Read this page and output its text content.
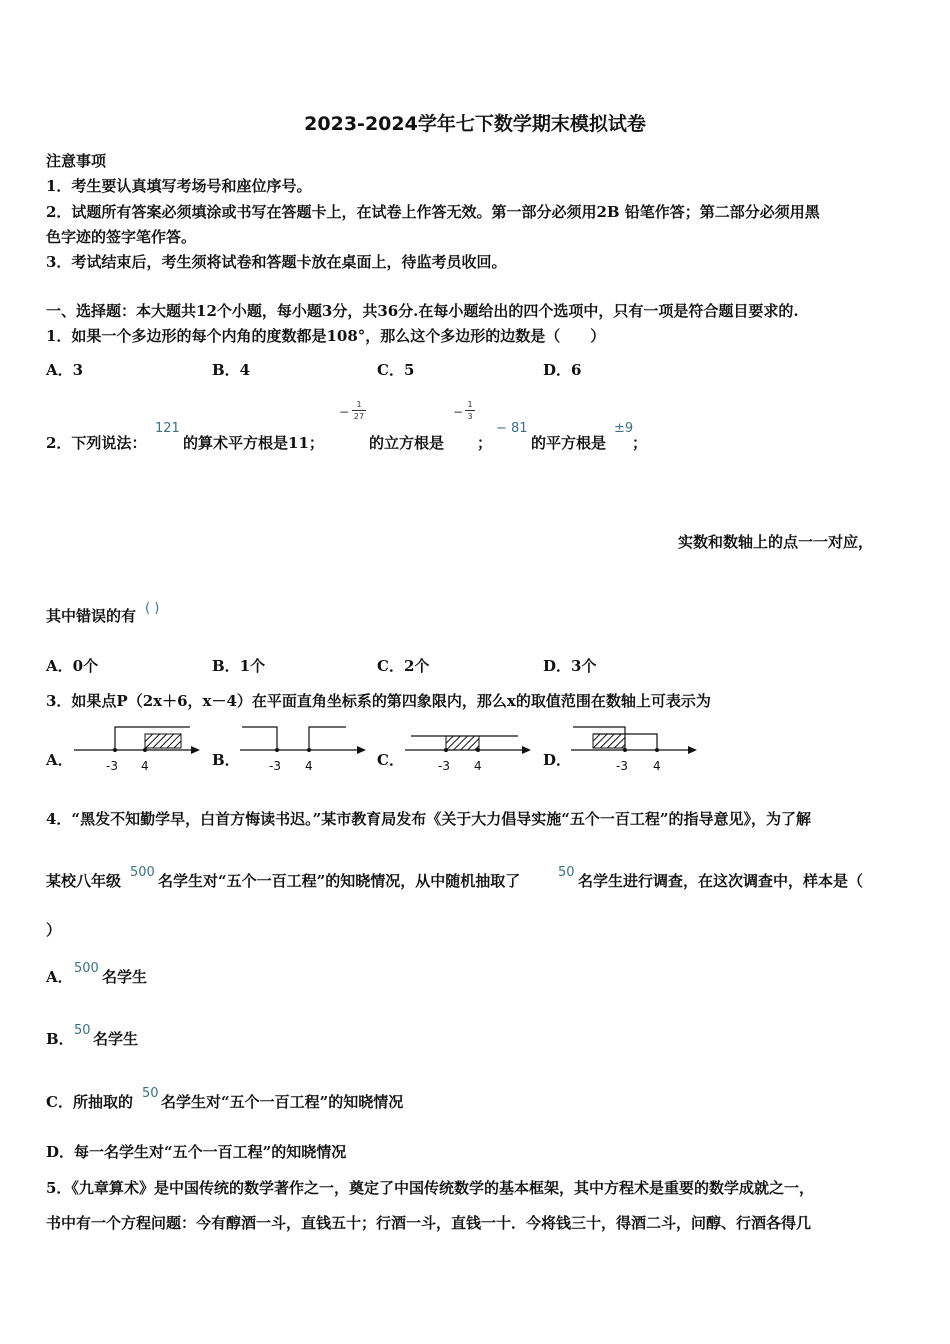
2023-2024学年七下数学期末模拟试卷
注意事项
1．考生要认真填写考场号和座位序号。
2．试题所有答案必须填涂或书写在答题卡上，在试卷上作答无效。第一部分必须用2B 铅笔作答；第二部分必须用黑
色字迹的签字笔作答。
3．考试结束后，考生须将试卷和答题卡放在桌面上，待监考员收回。
一、选择题：本大题共12个小题，每小题3分，共36分.在每小题给出的四个选项中，只有一项是符合题目要求的.
1．如果一个多边形的每个内角的度数都是108°，那么这个多边形的边数是（　　）
A．3	B．4	C．5	D．6
2．下列说法：
121
的算术平方根是11；
−
1
27
的立方根是
−
1
3
；
− 81
的平方根是
±9
；
实数和数轴上的点一一对应，
其中错误的有 ( )
A．0个	B．1个	C．2个	D．3个
3．如果点P（2x＋6，x－4）在平面直角坐标系的第四象限内，那么x的取值范围在数轴上可表示为
A．	-3 4	B． -3 4	C．	-3 4	D．	-3 4
4．“黑发不知勤学早，白首方悔读书迟。”某市教育局发布《关于大力倡导实施“五个一百工程”的指导意见》，为了解
某校八年级 500 名学生对“五个一百工程”的知晓情况，从中随机抽取了	50 名学生进行调查，在这次调查中，样本是（
）
A． 500 名学生
B． 50 名学生
C．所抽取的 50 名学生对“五个一百工程”的知晓情况
D．每一名学生对“五个一百工程”的知晓情况
5．《九章算术》是中国传统的数学著作之一，奠定了中国传统数学的基本框架，其中方程术是重要的数学成就之一，
书中有一个方程问题：今有醇酒一斗，直钱五十；行酒一斗，直钱一十．今将钱三十，得酒二斗，问醇、行酒各得几
